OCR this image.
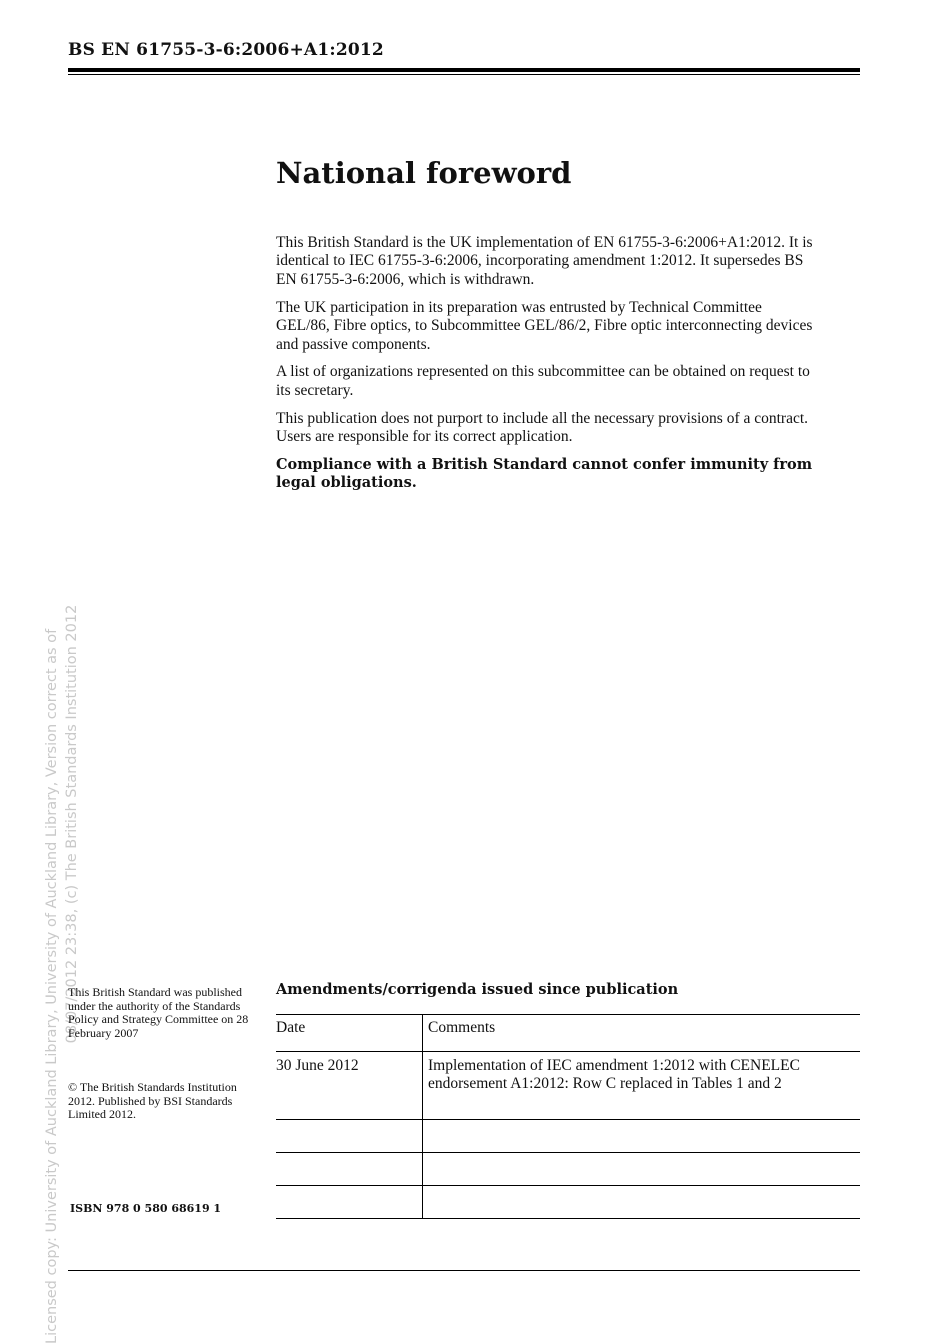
BS EN 61755-3-6:2006+A1:2012
Licensed copy: University of Auckland Library, University of Auckland Library, Version correct as of 08/07/2012 23:38, (c) The British Standards Institution 2012
National foreword

This British Standard is the UK implementation of EN 61755-3-6:2006+A1:2012. It is identical to IEC 61755-3-6:2006, incorporating amendment 1:2012. It supersedes BS EN 61755-3-6:2006, which is withdrawn.

The UK participation in its preparation was entrusted by Technical Committee GEL/86, Fibre optics, to Subcommittee GEL/86/2, Fibre optic interconnecting devices and passive components.

A list of organizations represented on this subcommittee can be obtained on request to its secretary.

This publication does not purport to include all the necessary provisions of a contract. Users are responsible for its correct application.

Compliance with a British Standard cannot confer immunity from legal obligations.

This British Standard was published under the authority of the Standards Policy and Strategy Committee on 28 February 2007
© The British Standards Institution 2012. Published by BSI Standards Limited 2012.
ISBN 978 0 580 68619 1
Amendments/corrigenda issued since publication
Date	Comments
30 June 2012	Implementation of IEC amendment 1:2012 with CENELEC endorsement A1:2012: Row C replaced in Tables 1 and 2
